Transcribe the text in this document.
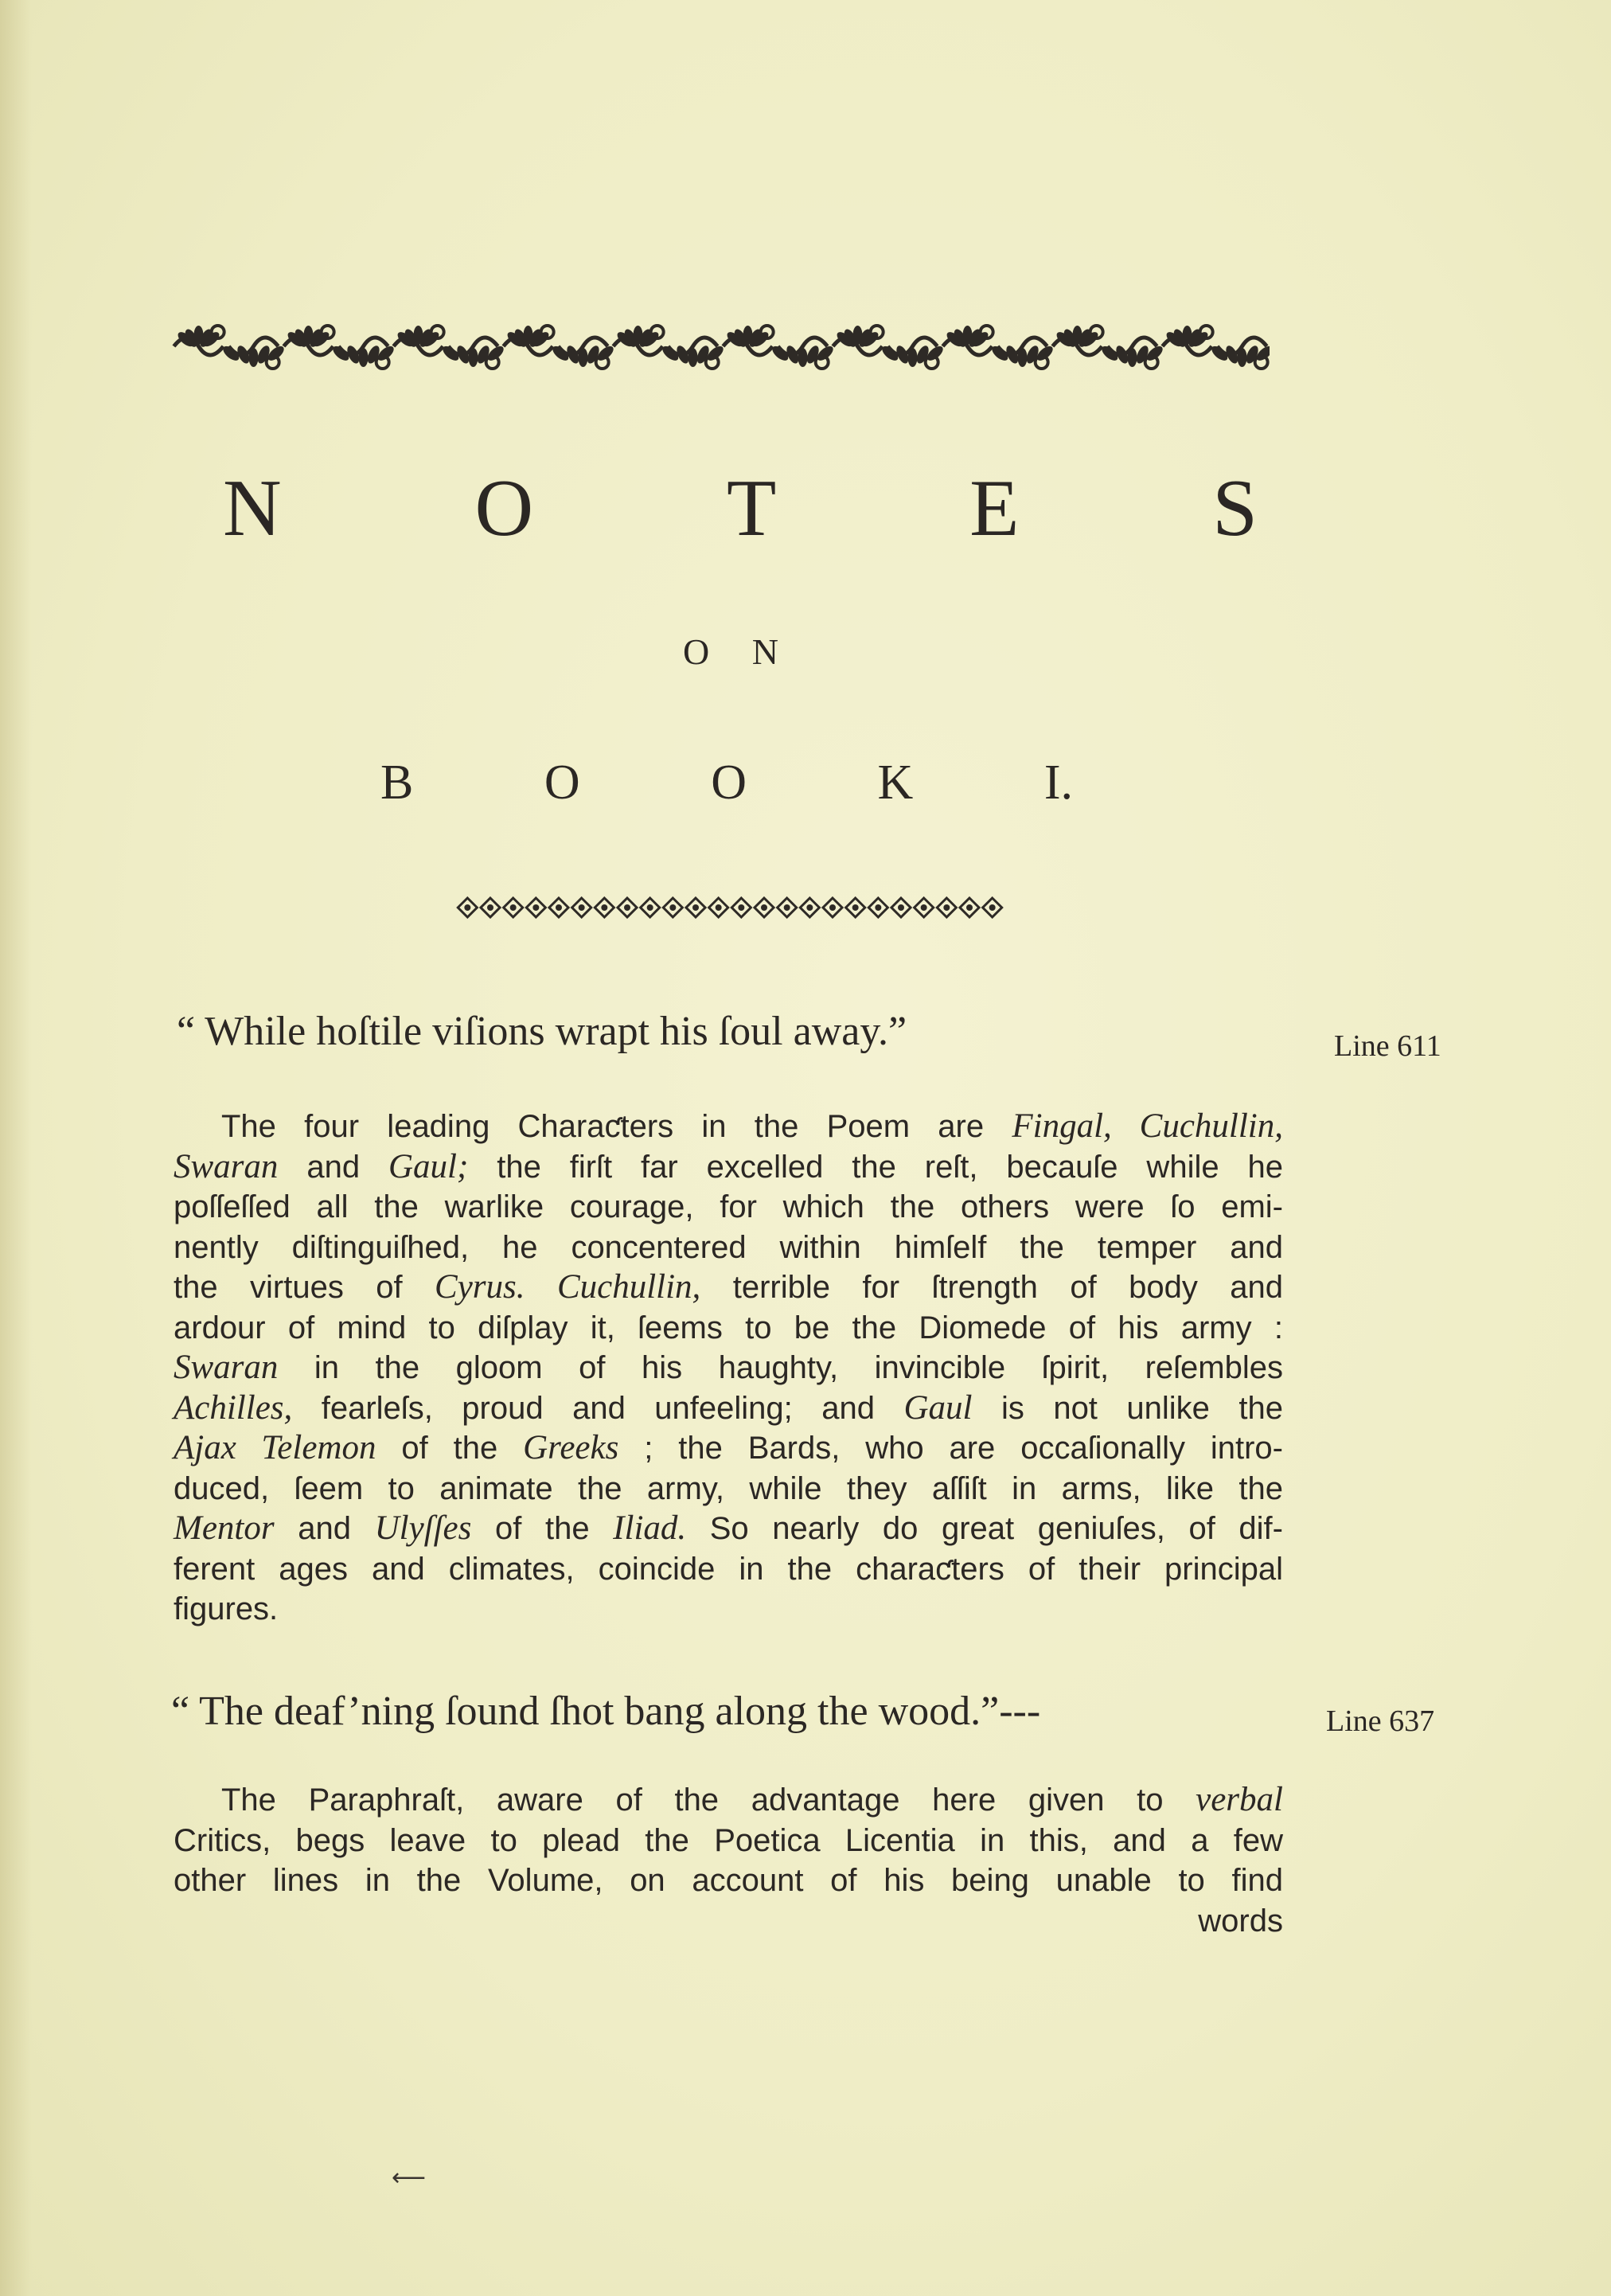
N O T E S
O N
B	O	O	K	I.
“ While hoſtile viſions wrapt his ſoul away.”	Line 611
The four leading Charaƈters in the Poem are Fingal, Cuchullin,
Swaran and Gaul; the firſt far excelled the reſt, becauſe while he
poſſeſſed all the warlike courage, for which the others were ſo emi-
nently diſtinguiſhed, he concentered within himſelf the temper and
the virtues of Cyrus. Cuchullin, terrible for ſtrength of body and
ardour of mind to diſplay it, ſeems to be the Diomede of his army :
Swaran in the gloom of his haughty, invincible ſpirit, reſembles
Achilles, fearleſs, proud and unfeeling; and Gaul is not unlike the
Ajax Telemon of the Greeks ; the Bards, who are occaſionally intro-
duced, ſeem to animate the army, while they aſſiſt in arms, like the
Mentor and Ulyſſes of the Iliad. So nearly do great geniuſes, of dif-
ferent ages and climates, coincide in the charaƈters of their principal
figures.
“ The deaf’ning ſound ſhot bang along the wood.”---	Line 637
The Paraphraſt, aware of the advantage here given to verbal
Critics, begs leave to plead the Poetica Licentia in this, and a few
other lines in the Volume, on account of his being unable to find
words
⟵
